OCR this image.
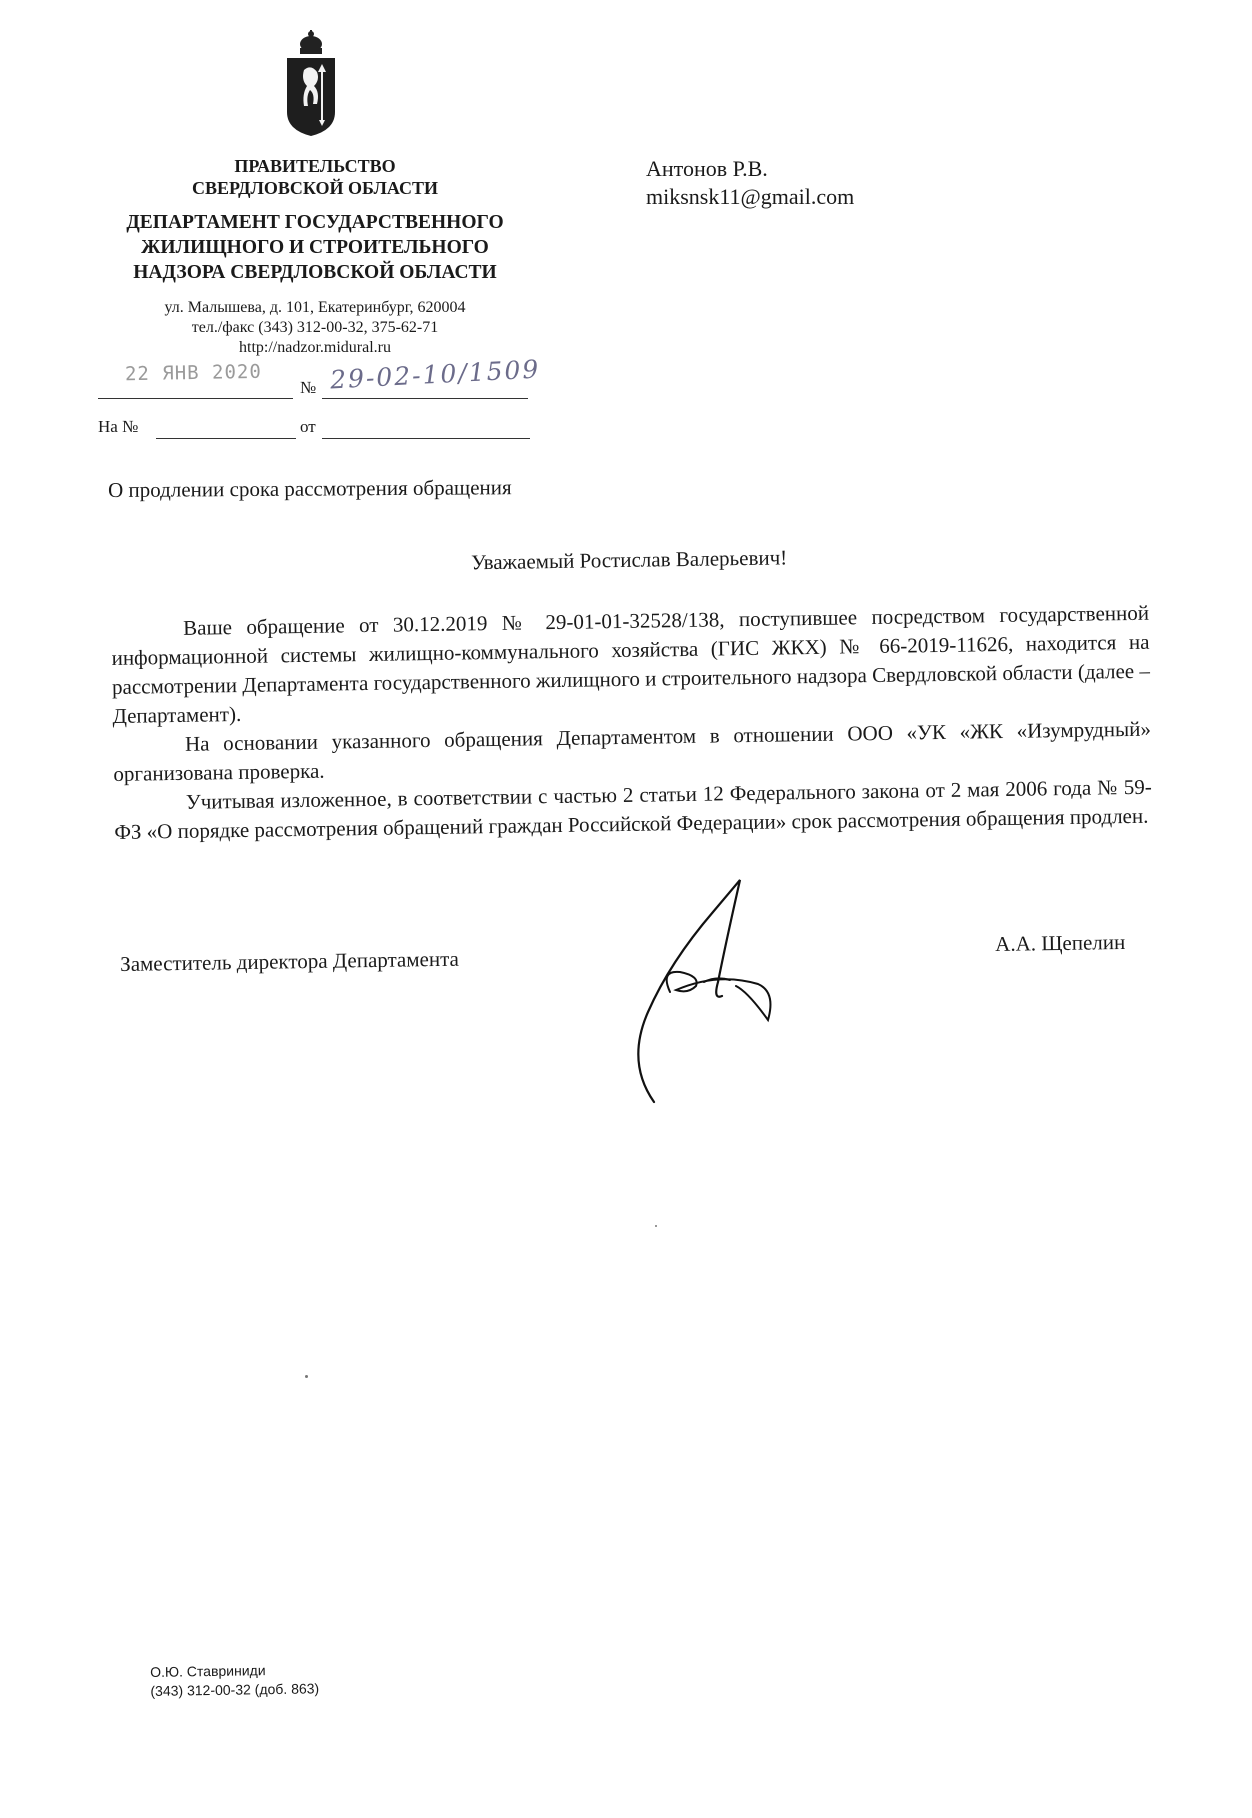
ПРАВИТЕЛЬСТВО
СВЕРДЛОВСКОЙ ОБЛАСТИ
ДЕПАРТАМЕНТ ГОСУДАРСТВЕННОГО
ЖИЛИЩНОГО И СТРОИТЕЛЬНОГО
НАДЗОРА СВЕРДЛОВСКОЙ ОБЛАСТИ
ул. Малышева, д. 101, Екатеринбург, 620004
тел./факс (343) 312-00-32, 375-62-71
http://nadzor.midural.ru
22 ЯНВ 2020
№ 29-02-10/1509
На №	от
Антонов Р.В.
miksnsk11@gmail.com
О продлении срока рассмотрения обращения

Уважаемый Ростислав Валерьевич!

Ваше обращение от 30.12.2019 № 29-01-01-32528/138, поступившее посредством государственной информационной системы жилищно-коммунального хозяйства (ГИС ЖКХ) № 66-2019-11626, находится на рассмотрении Департамента государственного жилищного и строительного надзора Свердловской области (далее – Департамент).

На основании указанного обращения Департаментом в отношении ООО «УК «ЖК «Изумрудный» организована проверка.

Учитывая изложенное, в соответствии с частью 2 статьи 12 Федерального закона от 2 мая 2006 года № 59-ФЗ «О порядке рассмотрения обращений граждан Российской Федерации» срок рассмотрения обращения продлен.

Заместитель директора Департамента
А.А. Щепелин
О.Ю. Ставриниди
(343) 312-00-32 (доб. 863)
